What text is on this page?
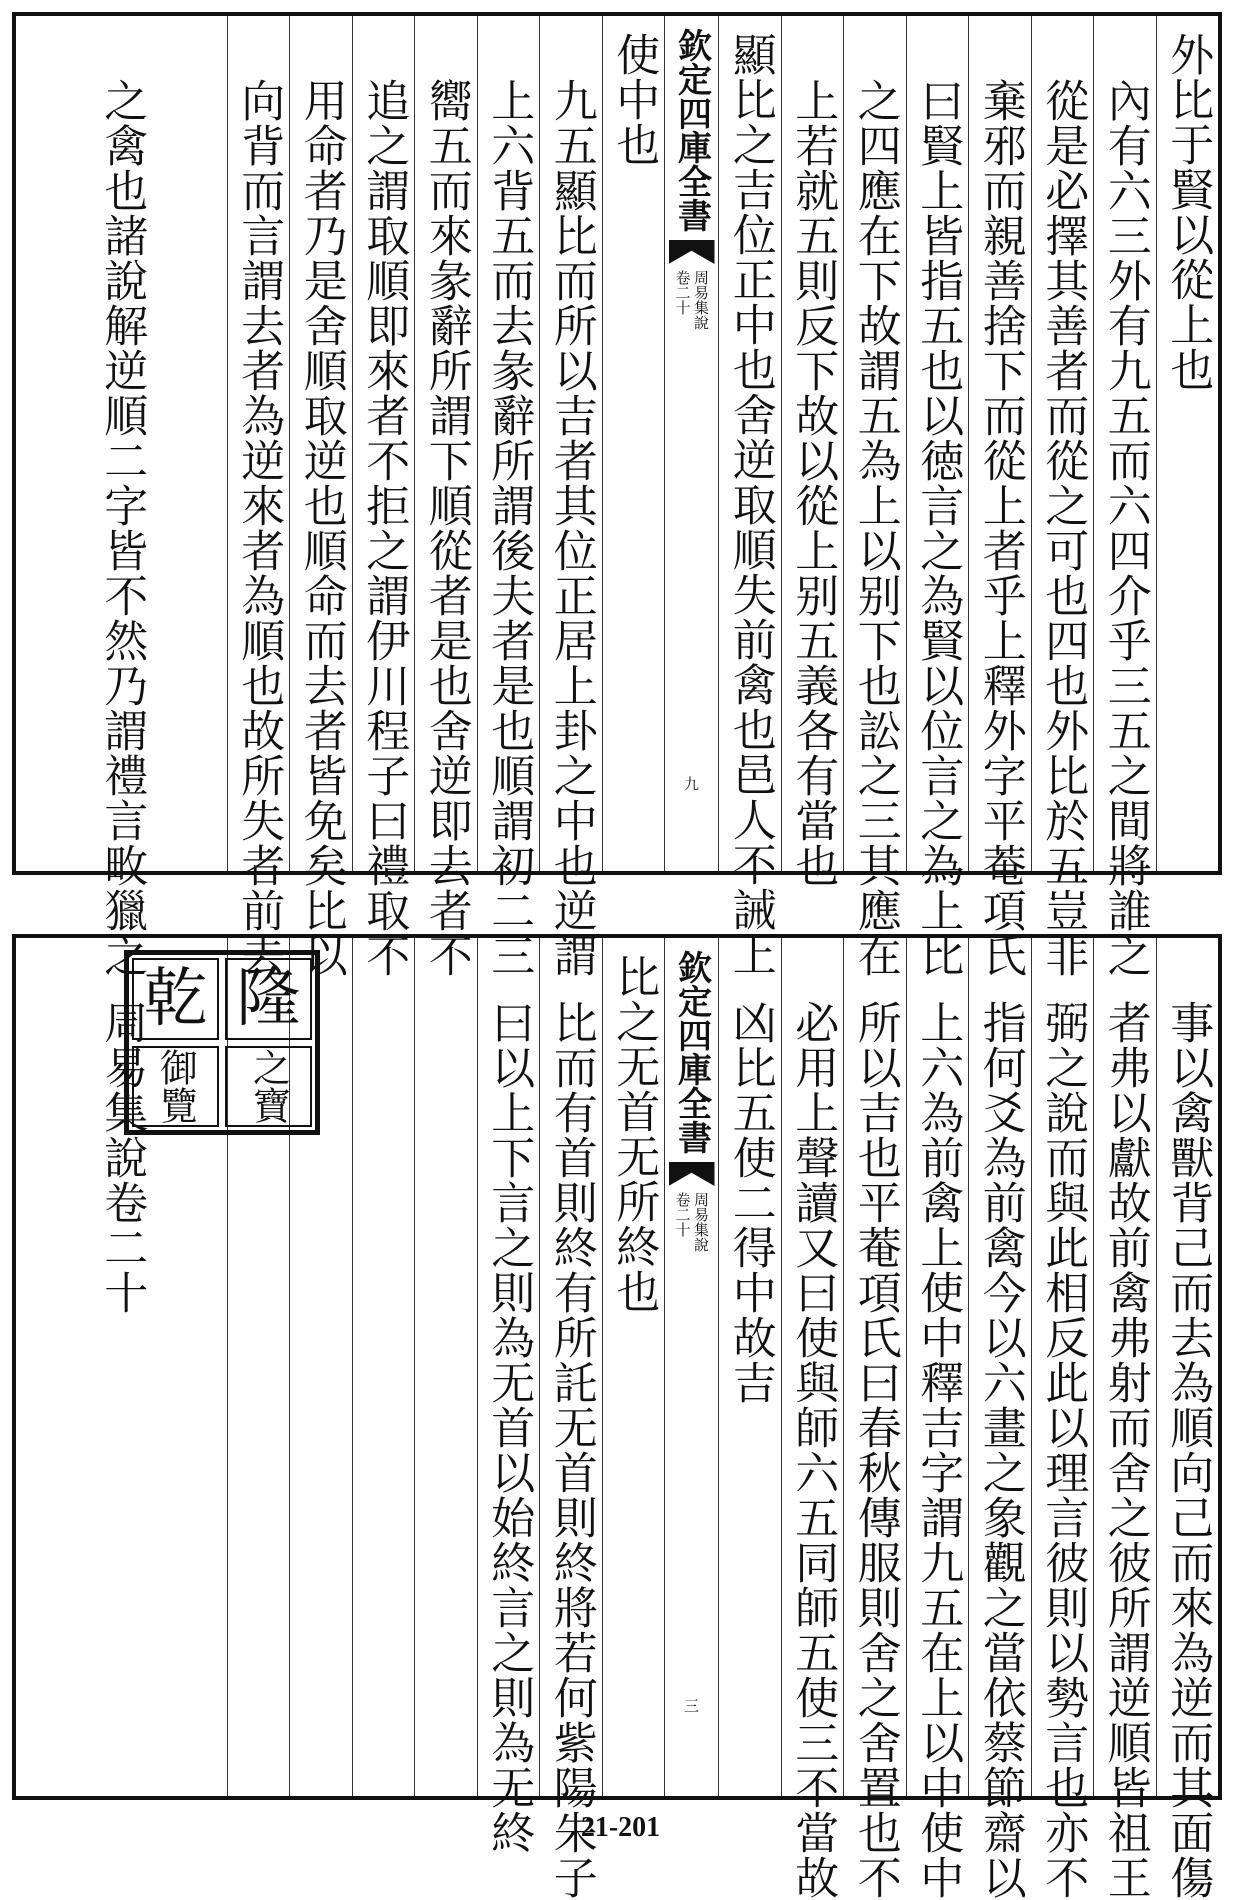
外比于賢以從上也
內有六三外有九五而六四介乎三五之間將誰之
從是必擇其善者而從之可也四也外比於五豈非
棄邪而親善捨下而從上者乎上釋外字平菴項氏
曰賢上皆指五也以徳言之為賢以位言之為上比
之四應在下故謂五為上以别下也訟之三其應在
上若就五則反下故以從上别五義各有當也
顯比之吉位正中也舍逆取順失前禽也邑人不誡上
欽定四庫全書
周易集說
卷二十
九
使中也
九五顯比而所以吉者其位正居上卦之中也逆謂
上六背五而去彖辭所謂後夫者是也順謂初二三
嚮五而來彖辭所謂下順從者是也舍逆即去者不
追之謂取順即來者不拒之謂伊川程子曰禮取不
用命者乃是舍順取逆也順命而去者皆免矣比以
向背而言謂去者為逆來者為順也故所失者前去
之禽也諸說解逆順二字皆不然乃謂禮言畋獵之
事以禽獸背己而去為順向己而來為逆而其面傷
者弗以獻故前禽弗射而舍之彼所謂逆順皆祖王
弼之說而與此相反此以理言彼則以勢言也亦不
指何爻為前禽今以六畫之象觀之當依蔡節齋以
上六為前禽上使中釋吉字謂九五在上以中使中
所以吉也平菴項氏曰春秋傳服則舍之舍置也不
必用上聲讀又曰使與師六五同師五使三不當故
凶比五使二得中故吉
欽定四庫全書
周易集說
卷二十
三
比之无首无所終也
比而有首則終有所託无首則終將若何紫陽朱子
曰以上下言之則為无首以始終言之則為无終
周易集說卷二十
乾 隆
御覽	之寶
21-201
